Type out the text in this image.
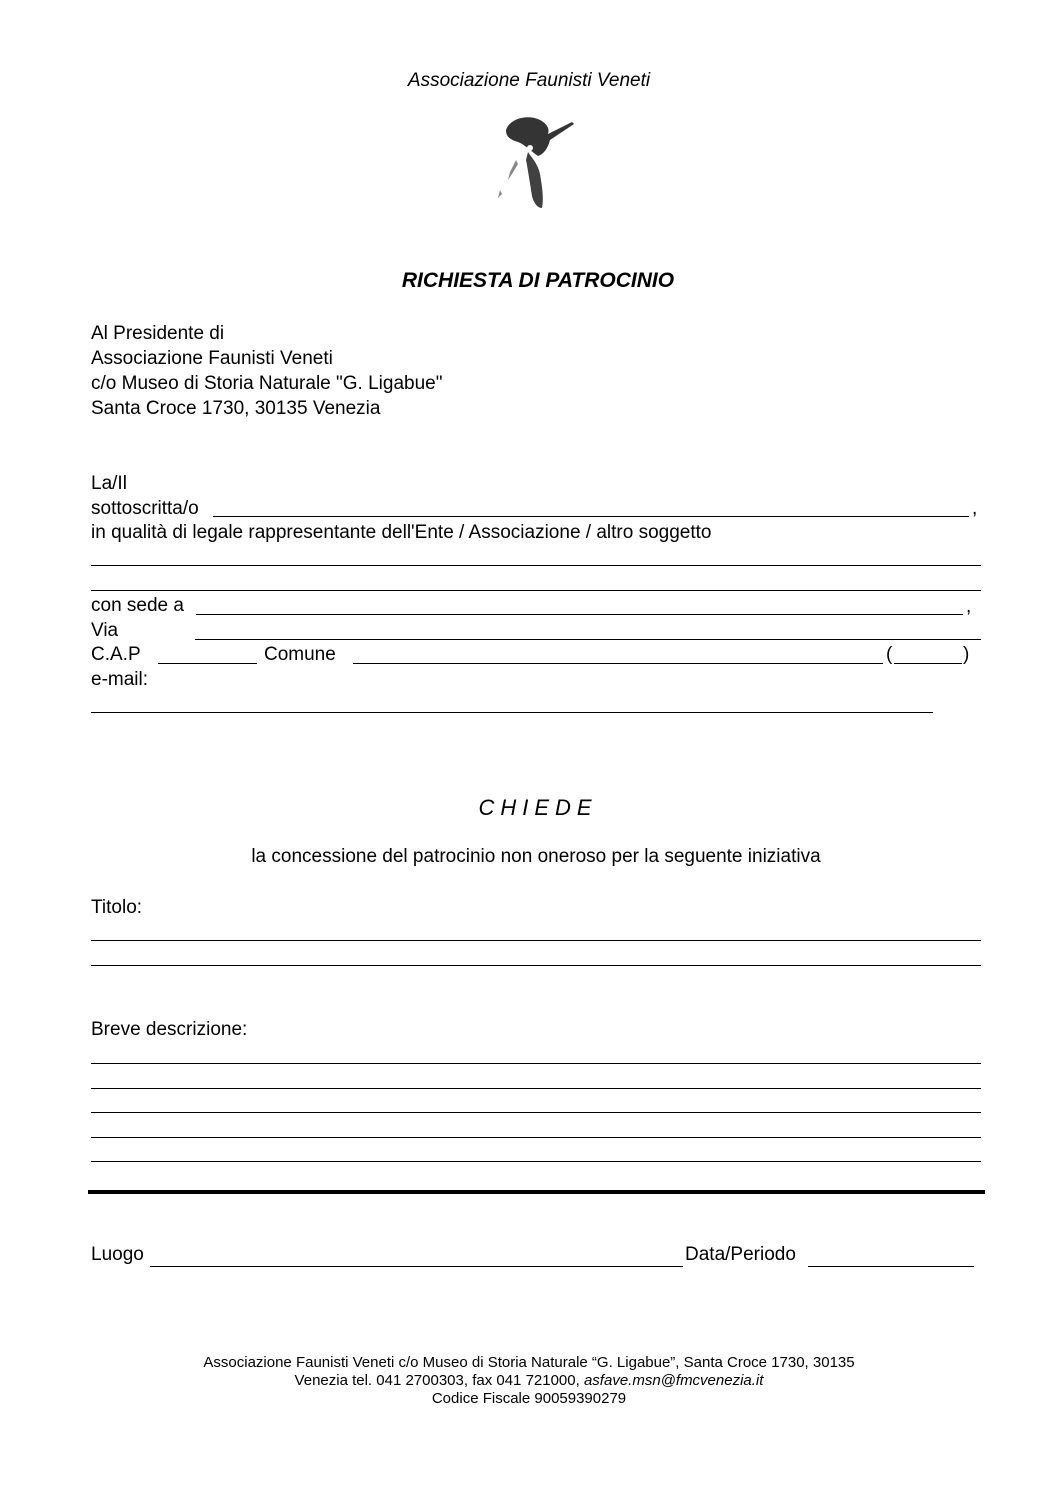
Associazione Faunisti Veneti
RICHIESTA DI PATROCINIO
Al Presidente di
Associazione Faunisti Veneti
c/o Museo di Storia Naturale "G. Ligabue"
Santa Croce 1730, 30135 Venezia
La/Il
sottoscritta/o	,
in qualità di legale rappresentante dell'Ente / Associazione / altro soggetto
con sede a	,
Via
C.A.P	Comune	(	)
e-mail:
CHIEDE
la concessione del patrocinio non oneroso per la seguente iniziativa
Titolo:
Breve descrizione:
Luogo	Data/Periodo
Associazione Faunisti Veneti c/o Museo di Storia Naturale “G. Ligabue”, Santa Croce 1730, 30135
Venezia tel. 041 2700303, fax 041 721000, asfave.msn@fmcvenezia.it
Codice Fiscale 90059390279
